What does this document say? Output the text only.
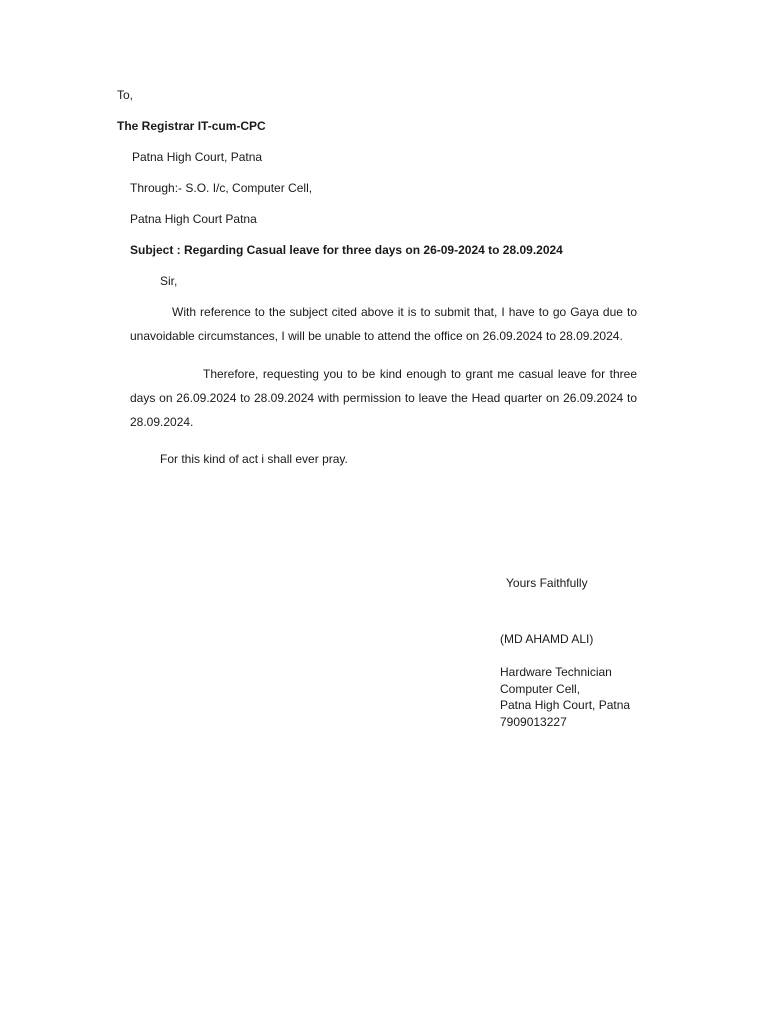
To,
The Registrar IT-cum-CPC
Patna High Court, Patna
Through:- S.O. I/c, Computer Cell,
Patna High Court Patna
Subject : Regarding Casual leave for three days on 26-09-2024 to 28.09.2024
Sir,
With reference to the subject cited above it is to submit that, I have to go Gaya due to unavoidable circumstances, I will be unable to attend the office on 26.09.2024 to 28.09.2024.
Therefore, requesting you to be kind enough to grant me casual leave for three days on 26.09.2024 to 28.09.2024 with permission to leave the Head quarter on 26.09.2024 to 28.09.2024.
For this kind of act i shall ever pray.
Yours Faithfully
(MD AHAMD ALI)
Hardware Technician
Computer Cell,
Patna High Court, Patna
7909013227
